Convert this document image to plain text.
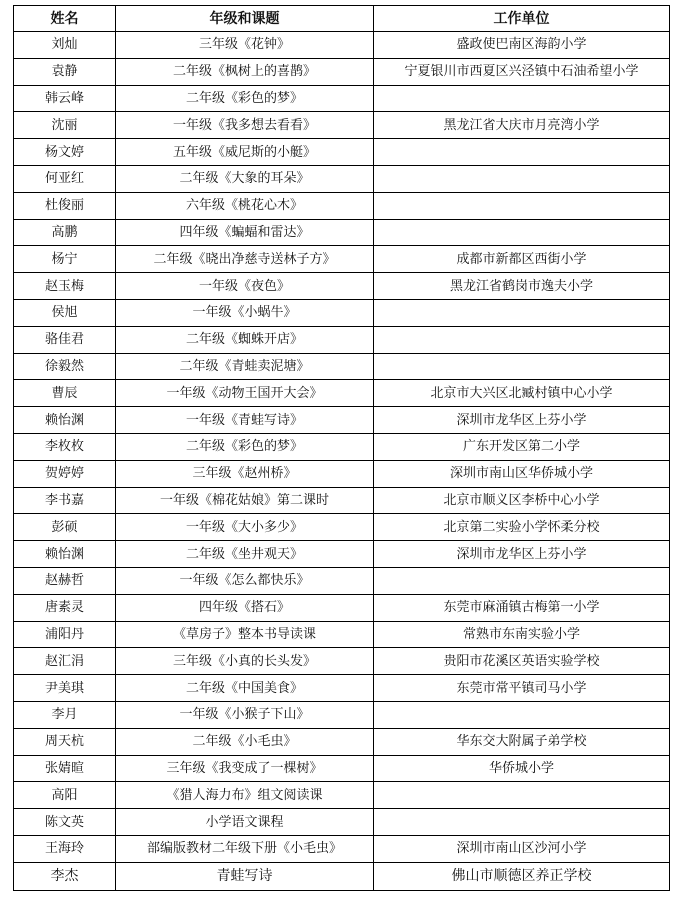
姓名	年级和课题	工作单位
刘灿	三年级《花钟》	盛政使巴南区海韵小学
袁静	二年级《枫树上的喜鹊》	宁夏银川市西夏区兴泾镇中石油希望小学
韩云峰	二年级《彩色的梦》	
沈丽	一年级《我多想去看看》	黑龙江省大庆市月亮湾小学
杨文婷	五年级《威尼斯的小艇》	
何亚红	二年级《大象的耳朵》	
杜俊丽	六年级《桃花心木》	
高鹏	四年级《蝙蝠和雷达》	
杨宁	二年级《晓出净慈寺送林子方》	成都市新都区西街小学
赵玉梅	一年级《夜色》	黑龙江省鹤岗市逸夫小学
侯旭	一年级《小蜗牛》	
骆佳君	二年级《蜘蛛开店》	
徐毅然	二年级《青蛙卖泥塘》	
曹辰	一年级《动物王国开大会》	北京市大兴区北臧村镇中心小学
赖怡渊	一年级《青蛙写诗》	深圳市龙华区上芬小学
李枚枚	二年级《彩色的梦》	广东开发区第二小学
贺婷婷	三年级《赵州桥》	深圳市南山区华侨城小学
李书嘉	一年级《棉花姑娘》第二课时	北京市顺义区李桥中心小学
彭硕	一年级《大小多少》	北京第二实验小学怀柔分校
赖怡渊	二年级《坐井观天》	深圳市龙华区上芬小学
赵赫哲	一年级《怎么都快乐》	
唐素灵	四年级《搭石》	东莞市麻涌镇古梅第一小学
浦阳丹	《草房子》整本书导读课	常熟市东南实验小学
赵汇涓	三年级《小真的长头发》	贵阳市花溪区英语实验学校
尹美琪	二年级《中国美食》	东莞市常平镇司马小学
李月	一年级《小猴子下山》	
周天杭	二年级《小毛虫》	华东交大附属子弟学校
张婧暄	三年级《我变成了一棵树》	华侨城小学
高阳	《猎人海力布》组文阅读课	
陈文英	小学语文课程	
王海玲	部编版教材二年级下册《小毛虫》	深圳市南山区沙河小学
李杰	青蛙写诗	佛山市顺德区养正学校
